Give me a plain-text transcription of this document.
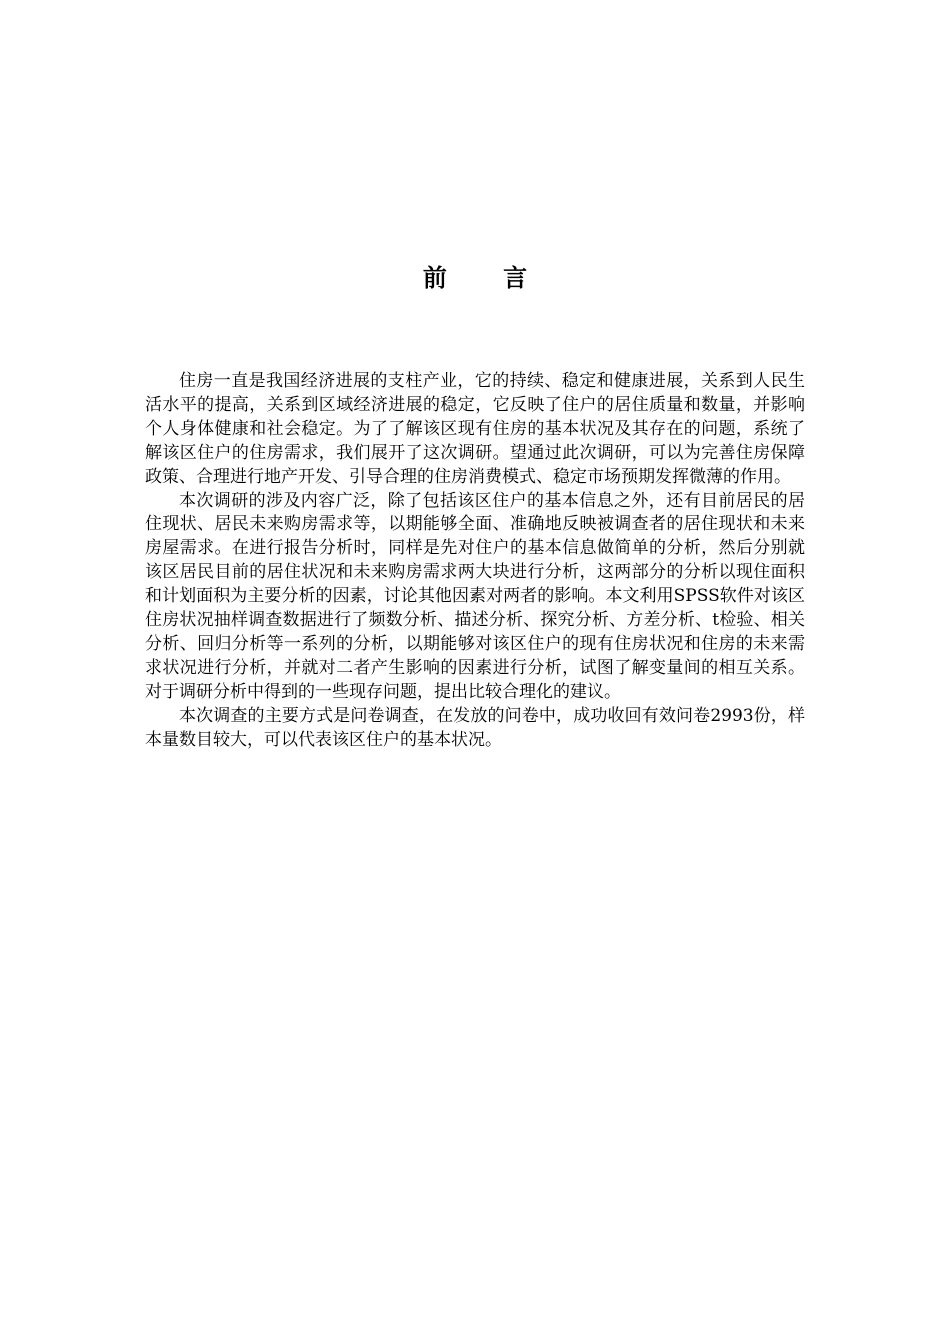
前 言

住房一直是我国经济进展的支柱产业，它的持续、稳定和健康进展，关系到人民生活水平的提高，关系到区域经济进展的稳定，它反映了住户的居住质量和数量，并影响个人身体健康和社会稳定。为了了解该区现有住房的基本状况及其存在的问题，系统了解该区住户的住房需求，我们展开了这次调研。望通过此次调研，可以为完善住房保障政策、合理进行地产开发、引导合理的住房消费模式、稳定市场预期发挥微薄的作用。

本次调研的涉及内容广泛，除了包括该区住户的基本信息之外，还有目前居民的居住现状、居民未来购房需求等，以期能够全面、准确地反映被调查者的居住现状和未来房屋需求。在进行报告分析时，同样是先对住户的基本信息做简单的分析，然后分别就该区居民目前的居住状况和未来购房需求两大块进行分析，这两部分的分析以现住面积和计划面积为主要分析的因素，讨论其他因素对两者的影响。本文利用SPSS软件对该区住房状况抽样调查数据进行了频数分析、描述分析、探究分析、方差分析、t检验、相关分析、回归分析等一系列的分析，以期能够对该区住户的现有住房状况和住房的未来需求状况进行分析，并就对二者产生影响的因素进行分析，试图了解变量间的相互关系。对于调研分析中得到的一些现存问题，提出比较合理化的建议。

本次调查的主要方式是问卷调查，在发放的问卷中，成功收回有效问卷2993份，样本量数目较大，可以代表该区住户的基本状况。
